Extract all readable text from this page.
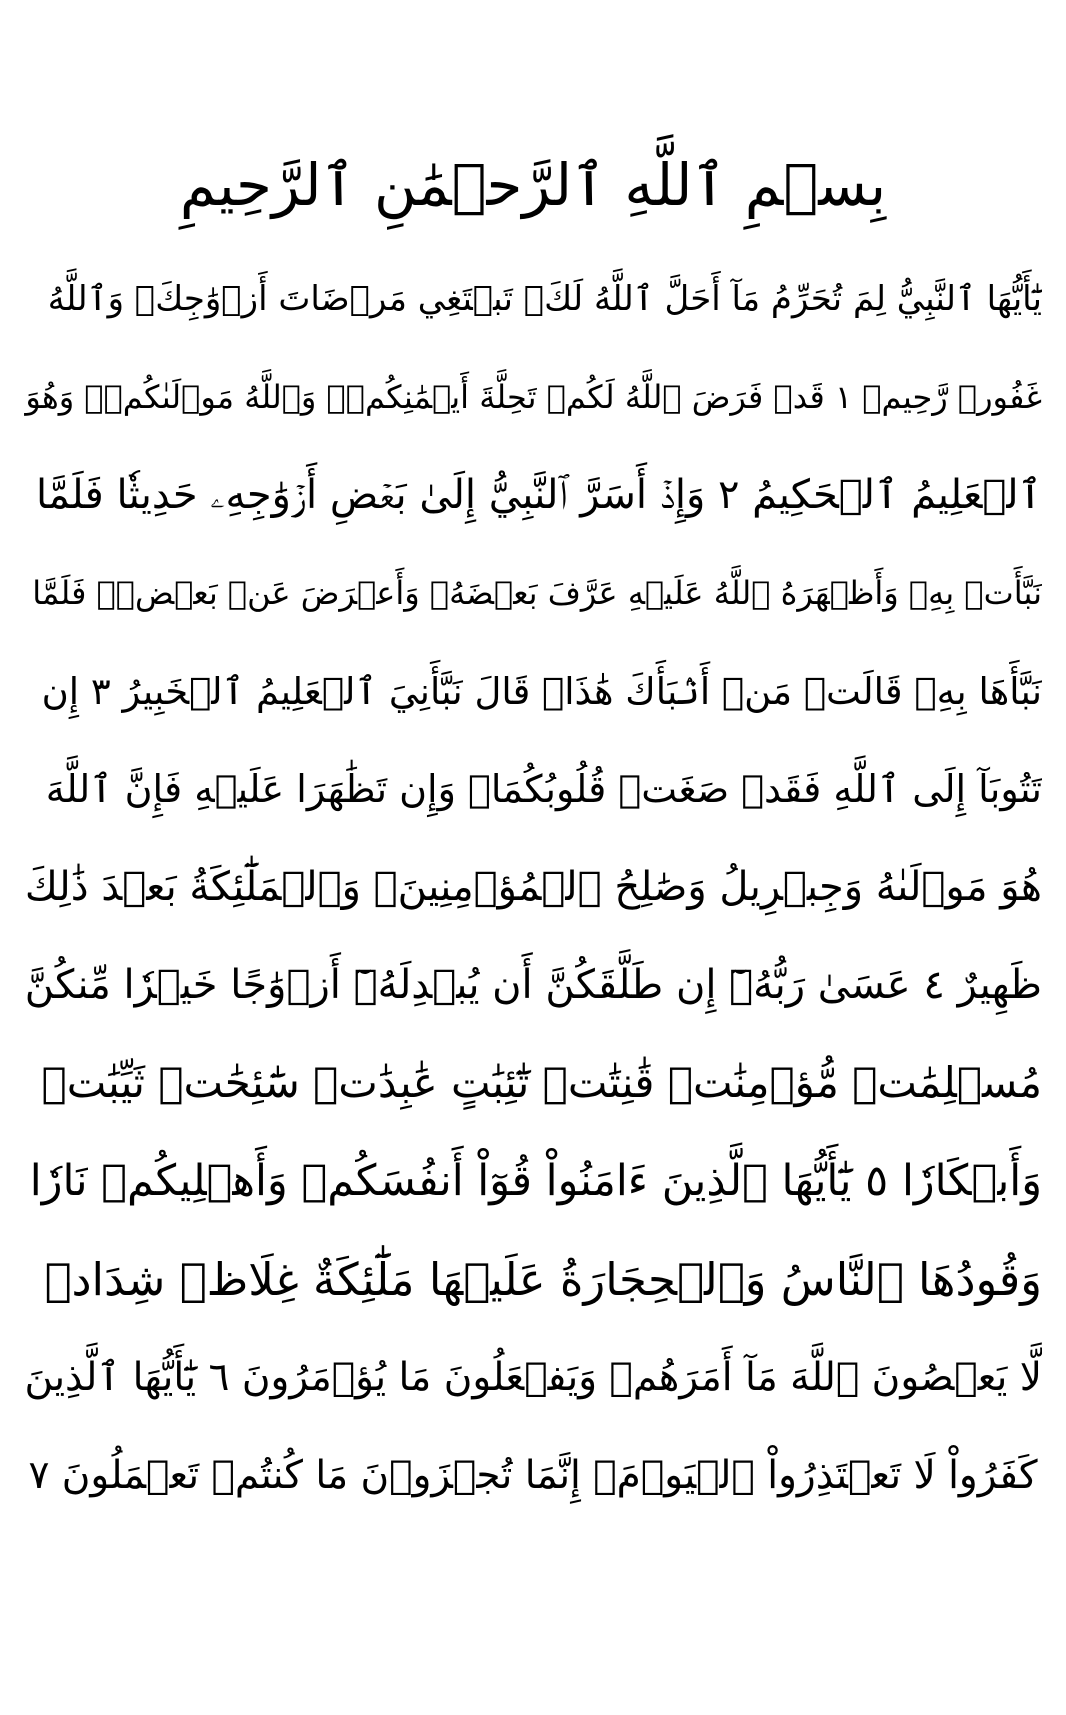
بِسۡمِ ٱللَّهِ ٱلرَّحۡمَٰنِ ٱلرَّحِيمِ
يَٰٓأَيُّهَا ٱلنَّبِيُّ لِمَ تُحَرِّمُ مَآ أَحَلَّ ٱللَّهُ لَكَۖ تَبۡتَغِي مَرۡضَاتَ أَزۡوَٰجِكَۚ وَٱللَّهُ
غَفُورٞ رَّحِيمٞ ١ قَدۡ فَرَضَ ٱللَّهُ لَكُمۡ تَحِلَّةَ أَيۡمَٰنِكُمۡۚ وَٱللَّهُ مَوۡلَىٰكُمۡۖ وَهُوَ
ٱلۡعَلِيمُ ٱلۡحَكِيمُ ٢ وَإِذۡ أَسَرَّ ٱلنَّبِيُّ إِلَىٰ بَعۡضِ أَزۡوَٰجِهِۦ حَدِيثٗا فَلَمَّا
نَبَّأَتۡ بِهِۦ وَأَظۡهَرَهُ ٱللَّهُ عَلَيۡهِ عَرَّفَ بَعۡضَهُۥ وَأَعۡرَضَ عَنۢ بَعۡضٖۖ فَلَمَّا
نَبَّأَهَا بِهِۦ قَالَتۡ مَنۡ أَنۢبَأَكَ هَٰذَاۖ قَالَ نَبَّأَنِيَ ٱلۡعَلِيمُ ٱلۡخَبِيرُ ٣ إِن
تَتُوبَآ إِلَى ٱللَّهِ فَقَدۡ صَغَتۡ قُلُوبُكُمَاۖ وَإِن تَظَٰهَرَا عَلَيۡهِ فَإِنَّ ٱللَّهَ
هُوَ مَوۡلَىٰهُ وَجِبۡرِيلُ وَصَٰلِحُ ٱلۡمُؤۡمِنِينَۖ وَٱلۡمَلَٰٓئِكَةُ بَعۡدَ ذَٰلِكَ
ظَهِيرٌ ٤ عَسَىٰ رَبُّهُۥٓ إِن طَلَّقَكُنَّ أَن يُبۡدِلَهُۥٓ أَزۡوَٰجًا خَيۡرٗا مِّنكُنَّ
مُسۡلِمَٰتٖ مُّؤۡمِنَٰتٖ قَٰنِتَٰتٖ تَٰٓئِبَٰتٍ عَٰبِدَٰتٖ سَٰٓئِحَٰتٖ ثَيِّبَٰتٖ
وَأَبۡكَارٗا ٥ يَٰٓأَيُّهَا ٱلَّذِينَ ءَامَنُواْ قُوٓاْ أَنفُسَكُمۡ وَأَهۡلِيكُمۡ نَارٗا
وَقُودُهَا ٱلنَّاسُ وَٱلۡحِجَارَةُ عَلَيۡهَا مَلَٰٓئِكَةٌ غِلَاظٞ شِدَادٞ
لَّا يَعۡصُونَ ٱللَّهَ مَآ أَمَرَهُمۡ وَيَفۡعَلُونَ مَا يُؤۡمَرُونَ ٦ يَٰٓأَيُّهَا ٱلَّذِينَ
كَفَرُواْ لَا تَعۡتَذِرُواْ ٱلۡيَوۡمَۖ إِنَّمَا تُجۡزَوۡنَ مَا كُنتُمۡ تَعۡمَلُونَ ٧
